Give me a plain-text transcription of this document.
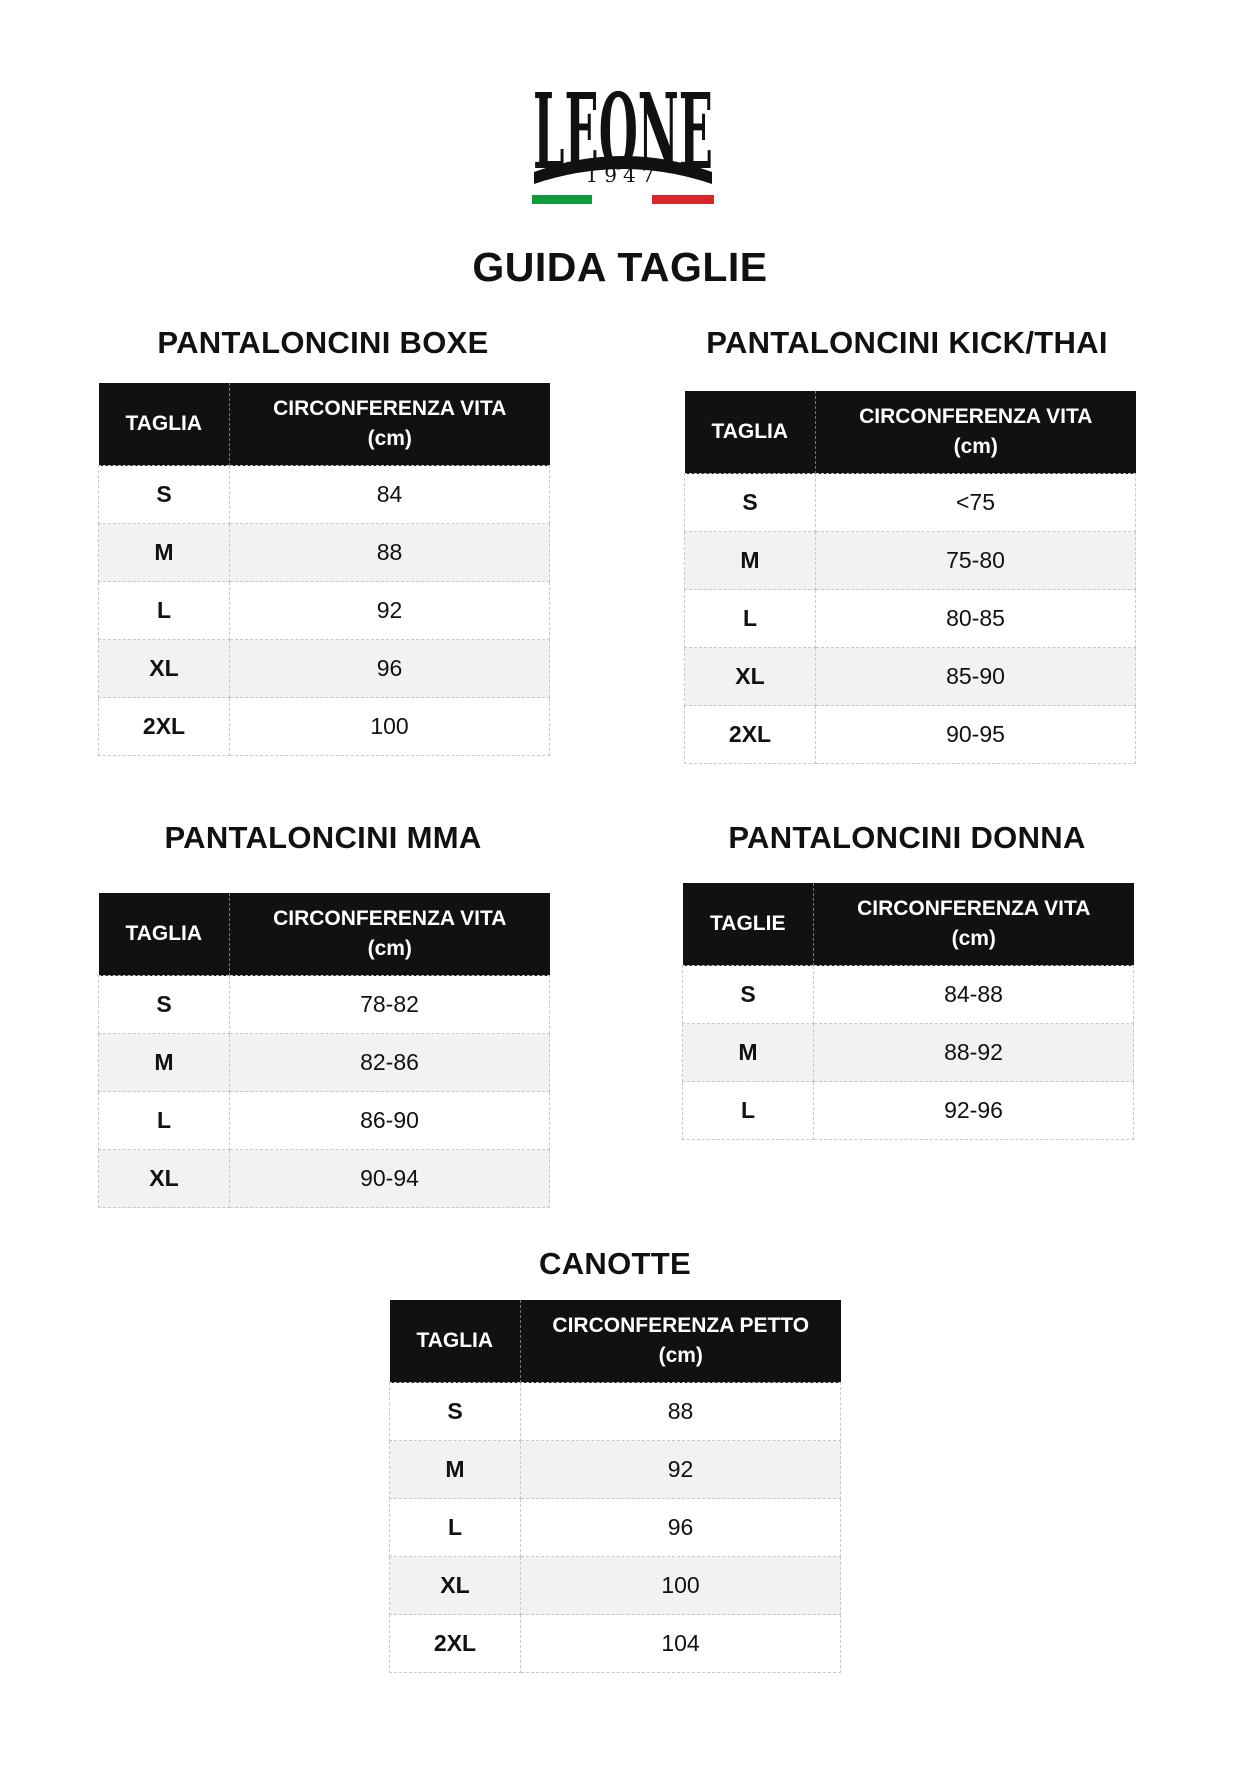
LEONE
1947
GUIDA TAGLIE
PANTALONCINI BOXE	PANTALONCINI KICK/THAI
PANTALONCINI MMA	PANTALONCINI DONNA
CANOTTE
TAGLIA	CIRCONFERENZA VITA
(cm)
S	84
M	88
L	92
XL	96
2XL	100
TAGLIA	CIRCONFERENZA VITA
(cm)
S	<75
M	75-80
L	80-85
XL	85-90
2XL	90-95
TAGLIA	CIRCONFERENZA VITA
(cm)
S	78-82
M	82-86
L	86-90
XL	90-94
TAGLIE	CIRCONFERENZA VITA
(cm)
S	84-88
M	88-92
L	92-96
TAGLIA	CIRCONFERENZA PETTO
(cm)
S	88
M	92
L	96
XL	100
2XL	104
